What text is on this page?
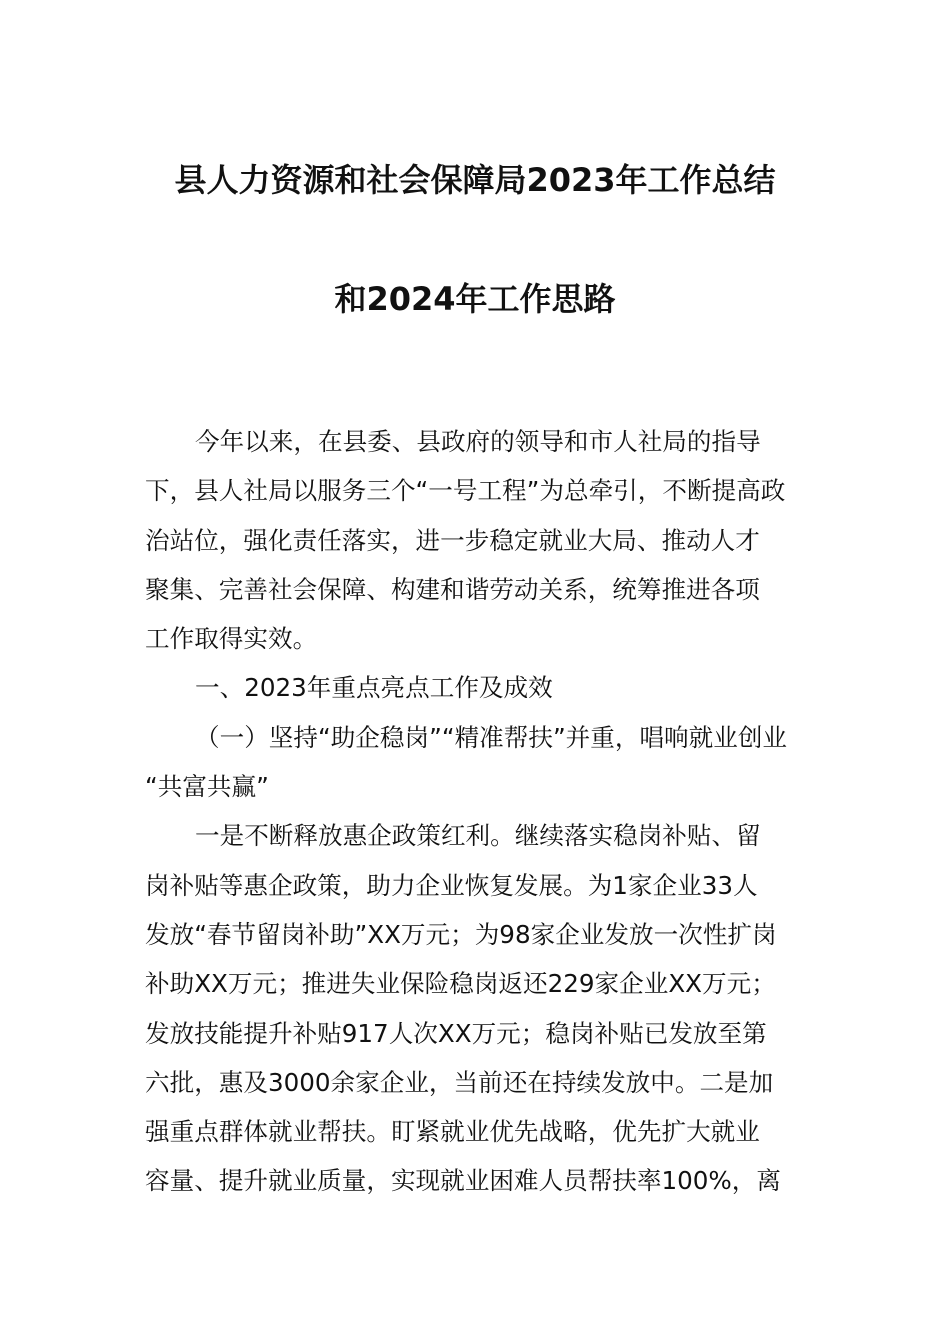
县人力资源和社会保障局2023年工作总结
和2024年工作思路
今年以来，在县委、县政府的领导和市人社局的指导
下，县人社局以服务三个“一号工程”为总牵引，不断提高政
治站位，强化责任落实，进一步稳定就业大局、推动人才
聚集、完善社会保障、构建和谐劳动关系，统筹推进各项
工作取得实效。
一、2023年重点亮点工作及成效
（一）坚持“助企稳岗”“精准帮扶”并重，唱响就业创业
“共富共赢”
一是不断释放惠企政策红利。继续落实稳岗补贴、留
岗补贴等惠企政策，助力企业恢复发展。为1家企业33人
发放“春节留岗补助”XX万元；为98家企业发放一次性扩岗
补助XX万元；推进失业保险稳岗返还229家企业XX万元；
发放技能提升补贴917人次XX万元；稳岗补贴已发放至第
六批，惠及3000余家企业，当前还在持续发放中。二是加
强重点群体就业帮扶。盯紧就业优先战略，优先扩大就业
容量、提升就业质量，实现就业困难人员帮扶率100%，离
